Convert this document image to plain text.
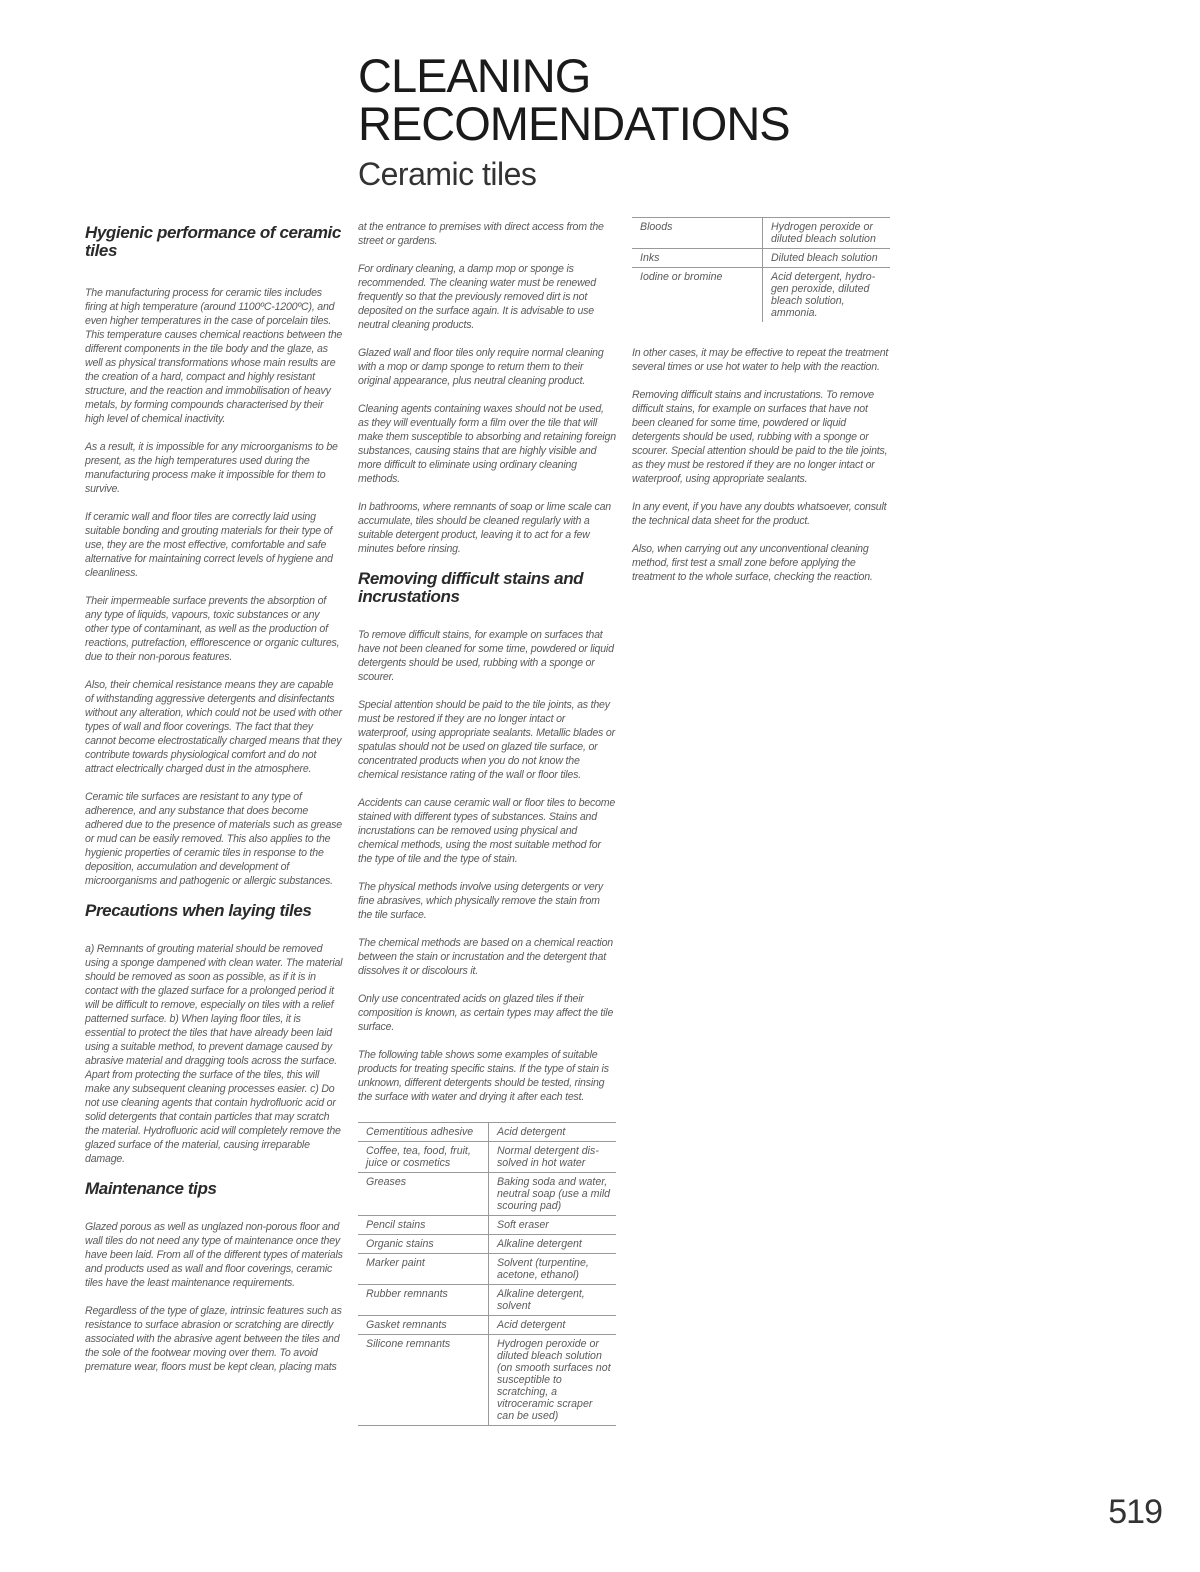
CLEANING
RECOMENDATIONS
Ceramic tiles
Hygienic performance of ceramic tiles

The manufacturing process for ceramic tiles includes firing at high temperature (around 1100ºC-1200ºC), and even higher temperatures in the case of porcelain tiles. This temperature causes chemical reactions between the different components in the tile body and the glaze, as well as physical transformations whose main results are the creation of a hard, compact and highly resistant structure, and the reaction and immobilisation of heavy metals, by forming compounds characterised by their high level of chemical inactivity.

As a result, it is impossible for any microorganisms to be present, as the high temperatures used during the manufacturing process make it impossible for them to survive.

If ceramic wall and floor tiles are correctly laid using suitable bonding and grouting materials for their type of use, they are the most effective, comfortable and safe alternative for maintaining correct levels of hygiene and cleanliness.

Their impermeable surface prevents the absorption of any type of liquids, vapours, toxic substances or any other type of contaminant, as well as the production of reactions, putrefaction, efflorescence or organic cultures, due to their non-porous features.

Also, their chemical resistance means they are capable of withstanding aggressive detergents and disinfectants without any alteration, which could not be used with other types of wall and floor coverings. The fact that they cannot become electrostatically charged means that they contribute towards physiological comfort and do not attract electrically charged dust in the atmosphere.

Ceramic tile surfaces are resistant to any type of adherence, and any substance that does become adhered due to the presence of materials such as grease or mud can be easily removed. This also applies to the hygienic properties of ceramic tiles in response to the deposition, accumulation and development of microorganisms and pathogenic or allergic substances.

Precautions when laying tiles

a) Remnants of grouting material should be removed using a sponge dampened with clean water. The material should be removed as soon as possible, as if it is in contact with the glazed surface for a prolonged period it will be difficult to remove, especially on tiles with a relief patterned surface. b) When laying floor tiles, it is essential to protect the tiles that have already been laid using a suitable method, to prevent damage caused by abrasive material and dragging tools across the surface. Apart from protecting the surface of the tiles, this will make any subsequent cleaning processes easier. c) Do not use cleaning agents that contain hydrofluoric acid or solid detergents that contain particles that may scratch the material. Hydrofluoric acid will completely remove the glazed surface of the material, causing irreparable damage.

Maintenance tips

Glazed porous as well as unglazed non-porous floor and wall tiles do not need any type of maintenance once they have been laid. From all of the different types of materials and products used as wall and floor coverings, ceramic tiles have the least maintenance requirements.

Regardless of the type of glaze, intrinsic features such as resistance to surface abrasion or scratching are directly associated with the abrasive agent between the tiles and the sole of the footwear moving over them. To avoid premature wear, floors must be kept clean, placing mats

at the entrance to premises with direct access from the street or gardens.

For ordinary cleaning, a damp mop or sponge is recommended. The cleaning water must be renewed frequently so that the previously removed dirt is not deposited on the surface again. It is advisable to use neutral cleaning products.

Glazed wall and floor tiles only require normal cleaning with a mop or damp sponge to return them to their original appearance, plus neutral cleaning product.

Cleaning agents containing waxes should not be used, as they will eventually form a film over the tile that will make them susceptible to absorbing and retaining foreign substances, causing stains that are highly visible and more difficult to eliminate using ordinary cleaning methods.

In bathrooms, where remnants of soap or lime scale can accumulate, tiles should be cleaned regularly with a suitable detergent product, leaving it to act for a few minutes before rinsing.

Removing difficult stains and incrustations

To remove difficult stains, for example on surfaces that have not been cleaned for some time, powdered or liquid detergents should be used, rubbing with a sponge or scourer.

Special attention should be paid to the tile joints, as they must be restored if they are no longer intact or waterproof, using appropriate sealants. Metallic blades or spatulas should not be used on glazed tile surface, or concentrated products when you do not know the chemical resistance rating of the wall or floor tiles.

Accidents can cause ceramic wall or floor tiles to become stained with different types of substances. Stains and incrustations can be removed using physical and chemical methods, using the most suitable method for the type of tile and the type of stain.

The physical methods involve using detergents or very fine abrasives, which physically remove the stain from the tile surface.

The chemical methods are based on a chemical reaction between the stain or incrustation and the detergent that dissolves it or discolours it.

Only use concentrated acids on glazed tiles if their composition is known, as certain types may affect the tile surface.

The following table shows some examples of suitable products for treating specific stains. If the type of stain is unknown, different detergents should be tested, rinsing the surface with water and drying it after each test.

Cementitious adhesive	Acid detergent
Coffee, tea, food, fruit, juice or cosmetics	Normal detergent dis-solved in hot water
Greases	Baking soda and water, neutral soap (use a mild scouring pad)
Pencil stains	Soft eraser
Organic stains	Alkaline detergent
Marker paint	Solvent (turpentine, acetone, ethanol)
Rubber remnants	Alkaline detergent, solvent
Gasket remnants	Acid detergent
Silicone remnants	Hydrogen peroxide or diluted bleach solution (on smooth surfaces not susceptible to scratching, a vitroceramic scraper can be used)
Bloods	Hydrogen peroxide or diluted bleach solution
Inks	Diluted bleach solution
Iodine or bromine	Acid detergent, hydro-gen peroxide, diluted bleach solution, ammonia.

In other cases, it may be effective to repeat the treatment several times or use hot water to help with the reaction.

Removing difficult stains and incrustations. To remove difficult stains, for example on surfaces that have not been cleaned for some time, powdered or liquid detergents should be used, rubbing with a sponge or scourer. Special attention should be paid to the tile joints, as they must be restored if they are no longer intact or waterproof, using appropriate sealants.

In any event, if you have any doubts whatsoever, consult the technical data sheet for the product.

Also, when carrying out any unconventional cleaning method, first test a small zone before applying the treatment to the whole surface, checking the reaction.

519
